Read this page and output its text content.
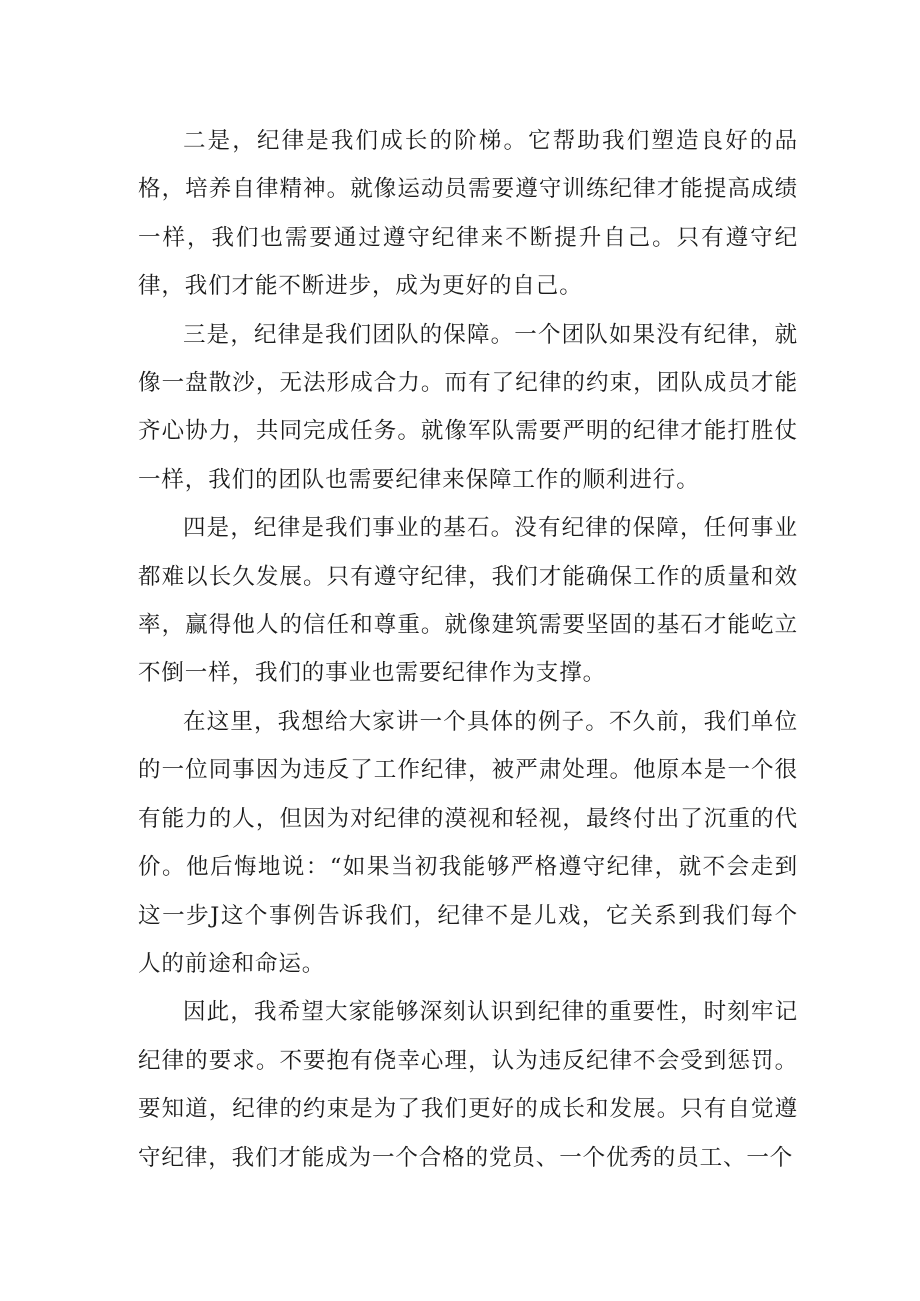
二是，纪律是我们成长的阶梯。它帮助我们塑造良好的品格，培养自律精神。就像运动员需要遵守训练纪律才能提高成绩一样，我们也需要通过遵守纪律来不断提升自己。只有遵守纪律，我们才能不断进步，成为更好的自己。

三是，纪律是我们团队的保障。一个团队如果没有纪律，就像一盘散沙，无法形成合力。而有了纪律的约束，团队成员才能齐心协力，共同完成任务。就像军队需要严明的纪律才能打胜仗一样，我们的团队也需要纪律来保障工作的顺利进行。

四是，纪律是我们事业的基石。没有纪律的保障，任何事业都难以长久发展。只有遵守纪律，我们才能确保工作的质量和效率，赢得他人的信任和尊重。就像建筑需要坚固的基石才能屹立不倒一样，我们的事业也需要纪律作为支撑。

在这里，我想给大家讲一个具体的例子。不久前，我们单位的一位同事因为违反了工作纪律，被严肃处理。他原本是一个很有能力的人，但因为对纪律的漠视和轻视，最终付出了沉重的代价。他后悔地说：“如果当初我能够严格遵守纪律，就不会走到这一步J这个事例告诉我们，纪律不是儿戏，它关系到我们每个人的前途和命运。

因此，我希望大家能够深刻认识到纪律的重要性，时刻牢记纪律的要求。不要抱有侥幸心理，认为违反纪律不会受到惩罚。要知道，纪律的约束是为了我们更好的成长和发展。只有自觉遵守纪律，我们才能成为一个合格的党员、一个优秀的员工、一个
